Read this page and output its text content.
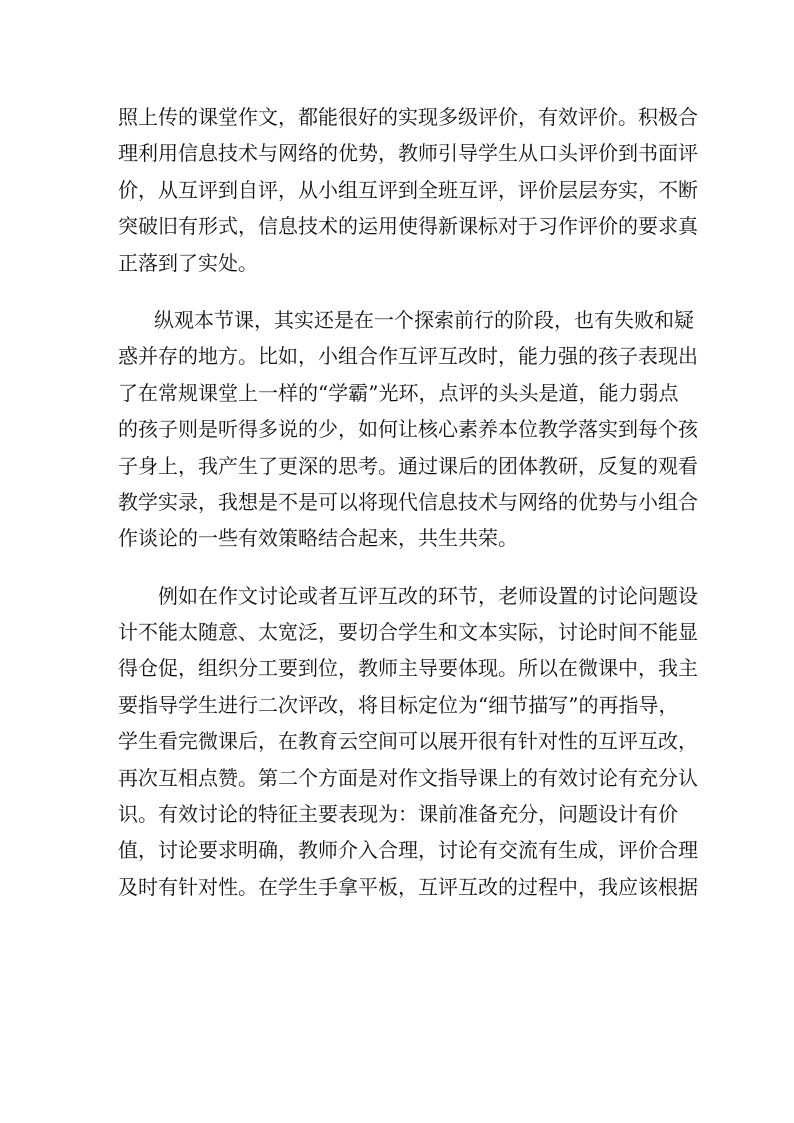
照上传的课堂作文，都能很好的实现多级评价，有效评价。积极合
理利用信息技术与网络的优势，教师引导学生从口头评价到书面评
价，从互评到自评，从小组互评到全班互评，评价层层夯实，不断
突破旧有形式，信息技术的运用使得新课标对于习作评价的要求真
正落到了实处。
纵观本节课，其实还是在一个探索前行的阶段，也有失败和疑
惑并存的地方。比如，小组合作互评互改时，能力强的孩子表现出
了在常规课堂上一样的“学霸”光环，点评的头头是道，能力弱点
的孩子则是听得多说的少，如何让核心素养本位教学落实到每个孩
子身上，我产生了更深的思考。通过课后的团体教研，反复的观看
教学实录，我想是不是可以将现代信息技术与网络的优势与小组合
作谈论的一些有效策略结合起来，共生共荣。
例如在作文讨论或者互评互改的环节，老师设置的讨论问题设
计不能太随意、太宽泛，要切合学生和文本实际，讨论时间不能显
得仓促，组织分工要到位，教师主导要体现。所以在微课中，我主
要指导学生进行二次评改，将目标定位为“细节描写”的再指导，
学生看完微课后，在教育云空间可以展开很有针对性的互评互改，
再次互相点赞。第二个方面是对作文指导课上的有效讨论有充分认
识。有效讨论的特征主要表现为：课前准备充分，问题设计有价
值，讨论要求明确，教师介入合理，讨论有交流有生成，评价合理
及时有针对性。在学生手拿平板，互评互改的过程中，我应该根据
